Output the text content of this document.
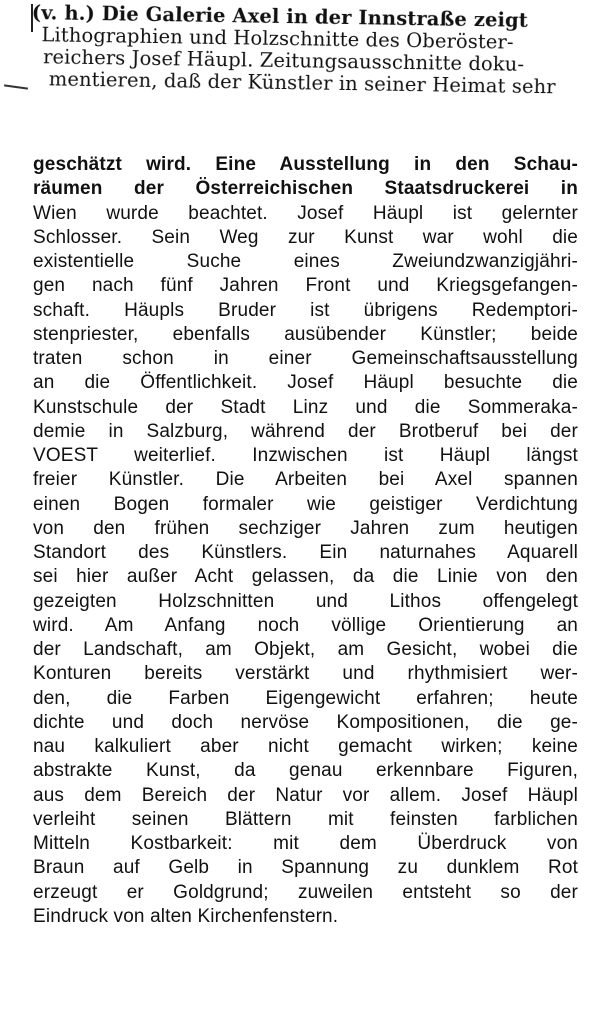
(v. h.) Die Galerie Axel in der Innstraße zeigt
Lithographien und Holzschnitte des Oberöster-
reichers Josef Häupl. Zeitungsausschnitte doku-
mentieren, daß der Künstler in seiner Heimat sehr
geschätzt wird. Eine Ausstellung in den Schau-
räumen der Österreichischen Staatsdruckerei in
Wien wurde beachtet. Josef Häupl ist gelernter
Schlosser. Sein Weg zur Kunst war wohl die
existentielle Suche eines Zweiundzwanzigjähri-
gen nach fünf Jahren Front und Kriegsgefangen-
schaft. Häupls Bruder ist übrigens Redemptori-
stenpriester, ebenfalls ausübender Künstler; beide
traten schon in einer Gemeinschaftsausstellung
an die Öffentlichkeit. Josef Häupl besuchte die
Kunstschule der Stadt Linz und die Sommeraka-
demie in Salzburg, während der Brotberuf bei der
VOEST weiterlief. Inzwischen ist Häupl längst
freier Künstler. Die Arbeiten bei Axel spannen
einen Bogen formaler wie geistiger Verdichtung
von den frühen sechziger Jahren zum heutigen
Standort des Künstlers. Ein naturnahes Aquarell
sei hier außer Acht gelassen, da die Linie von den
gezeigten Holzschnitten und Lithos offengelegt
wird. Am Anfang noch völlige Orientierung an
der Landschaft, am Objekt, am Gesicht, wobei die
Konturen bereits verstärkt und rhythmisiert wer-
den, die Farben Eigengewicht erfahren; heute
dichte und doch nervöse Kompositionen, die ge-
nau kalkuliert aber nicht gemacht wirken; keine
abstrakte Kunst, da genau erkennbare Figuren,
aus dem Bereich der Natur vor allem. Josef Häupl
verleiht seinen Blättern mit feinsten farblichen
Mitteln Kostbarkeit: mit dem Überdruck von
Braun auf Gelb in Spannung zu dunklem Rot
erzeugt er Goldgrund; zuweilen entsteht so der
Eindruck von alten Kirchenfenstern.
